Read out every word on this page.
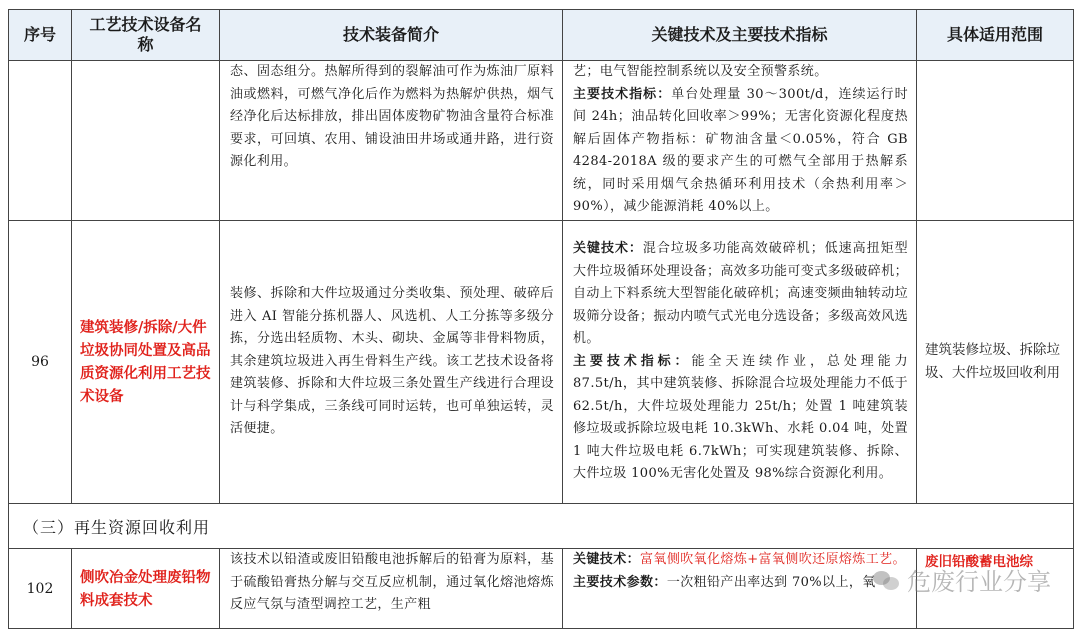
序号	工艺技术设备名称	技术装备简介	关键技术及主要技术指标	具体适用范围

		态、固态组分。热解所得到的裂解油可作为炼油厂原料油或燃料，可燃气净化后作为燃料为热解炉供热，烟气经净化后达标排放，排出固体废物矿物油含量符合标准要求，可回填、农用、铺设油田井场或通井路，进行资源化利用。	艺；电气智能控制系统以及安全预警系统。
主要技术指标：单台处理量 30～300t/d，连续运行时间 24h；油品转化回收率＞99%；无害化资源化程度热解后固体产物指标：矿物油含量＜0.05%，符合 GB 4284-2018A 级的要求产生的可燃气全部用于热解系统，同时采用烟气余热循环利用技术（余热利用率＞90%），减少能源消耗 40%以上。	

96	建筑装修/拆除/大件垃圾协同处置及高品质资源化利用工艺技术设备	装修、拆除和大件垃圾通过分类收集、预处理、破碎后进入 AI 智能分拣机器人、风选机、人工分拣等多级分拣，分选出轻质物、木头、砌块、金属等非骨料物质，其余建筑垃圾进入再生骨料生产线。该工艺技术设备将建筑装修、拆除和大件垃圾三条处置生产线进行合理设计与科学集成，三条线可同时运转，也可单独运转，灵活便捷。	关键技术：混合垃圾多功能高效破碎机；低速高扭矩型大件垃圾循环处理设备；高效多功能可变式多级破碎机；自动上下料系统大型智能化破碎机；高速变频曲轴转动垃圾筛分设备；振动内喷气式光电分选设备；多级高效风选机。
主要技术指标：能全天连续作业，总处理能力 87.5t/h，其中建筑装修、拆除混合垃圾处理能力不低于 62.5t/h，大件垃圾处理能力 25t/h；处置 1 吨建筑装修垃圾或拆除垃圾电耗 10.3kWh、水耗 0.04 吨，处置 1 吨大件垃圾电耗 6.7kWh；可实现建筑装修、拆除、大件垃圾 100%无害化处置及 98%综合资源化利用。	建筑装修垃圾、拆除垃圾、大件垃圾回收利用

（三）再生资源回收利用				
102	侧吹冶金处理废铅物料成套技术	该技术以铅渣或废旧铅酸电池拆解后的铅膏为原料，基于硫酸铅膏热分解与交互反应机制，通过氧化熔池熔炼反应气氛与渣型调控工艺，生产粗	关键技术：富氧侧吹氧化熔炼+富氧侧吹还原熔炼工艺。
主要技术参数：一次粗铅产出率达到 70%以上，氧	废旧铅酸蓄电池综
危废行业分享
